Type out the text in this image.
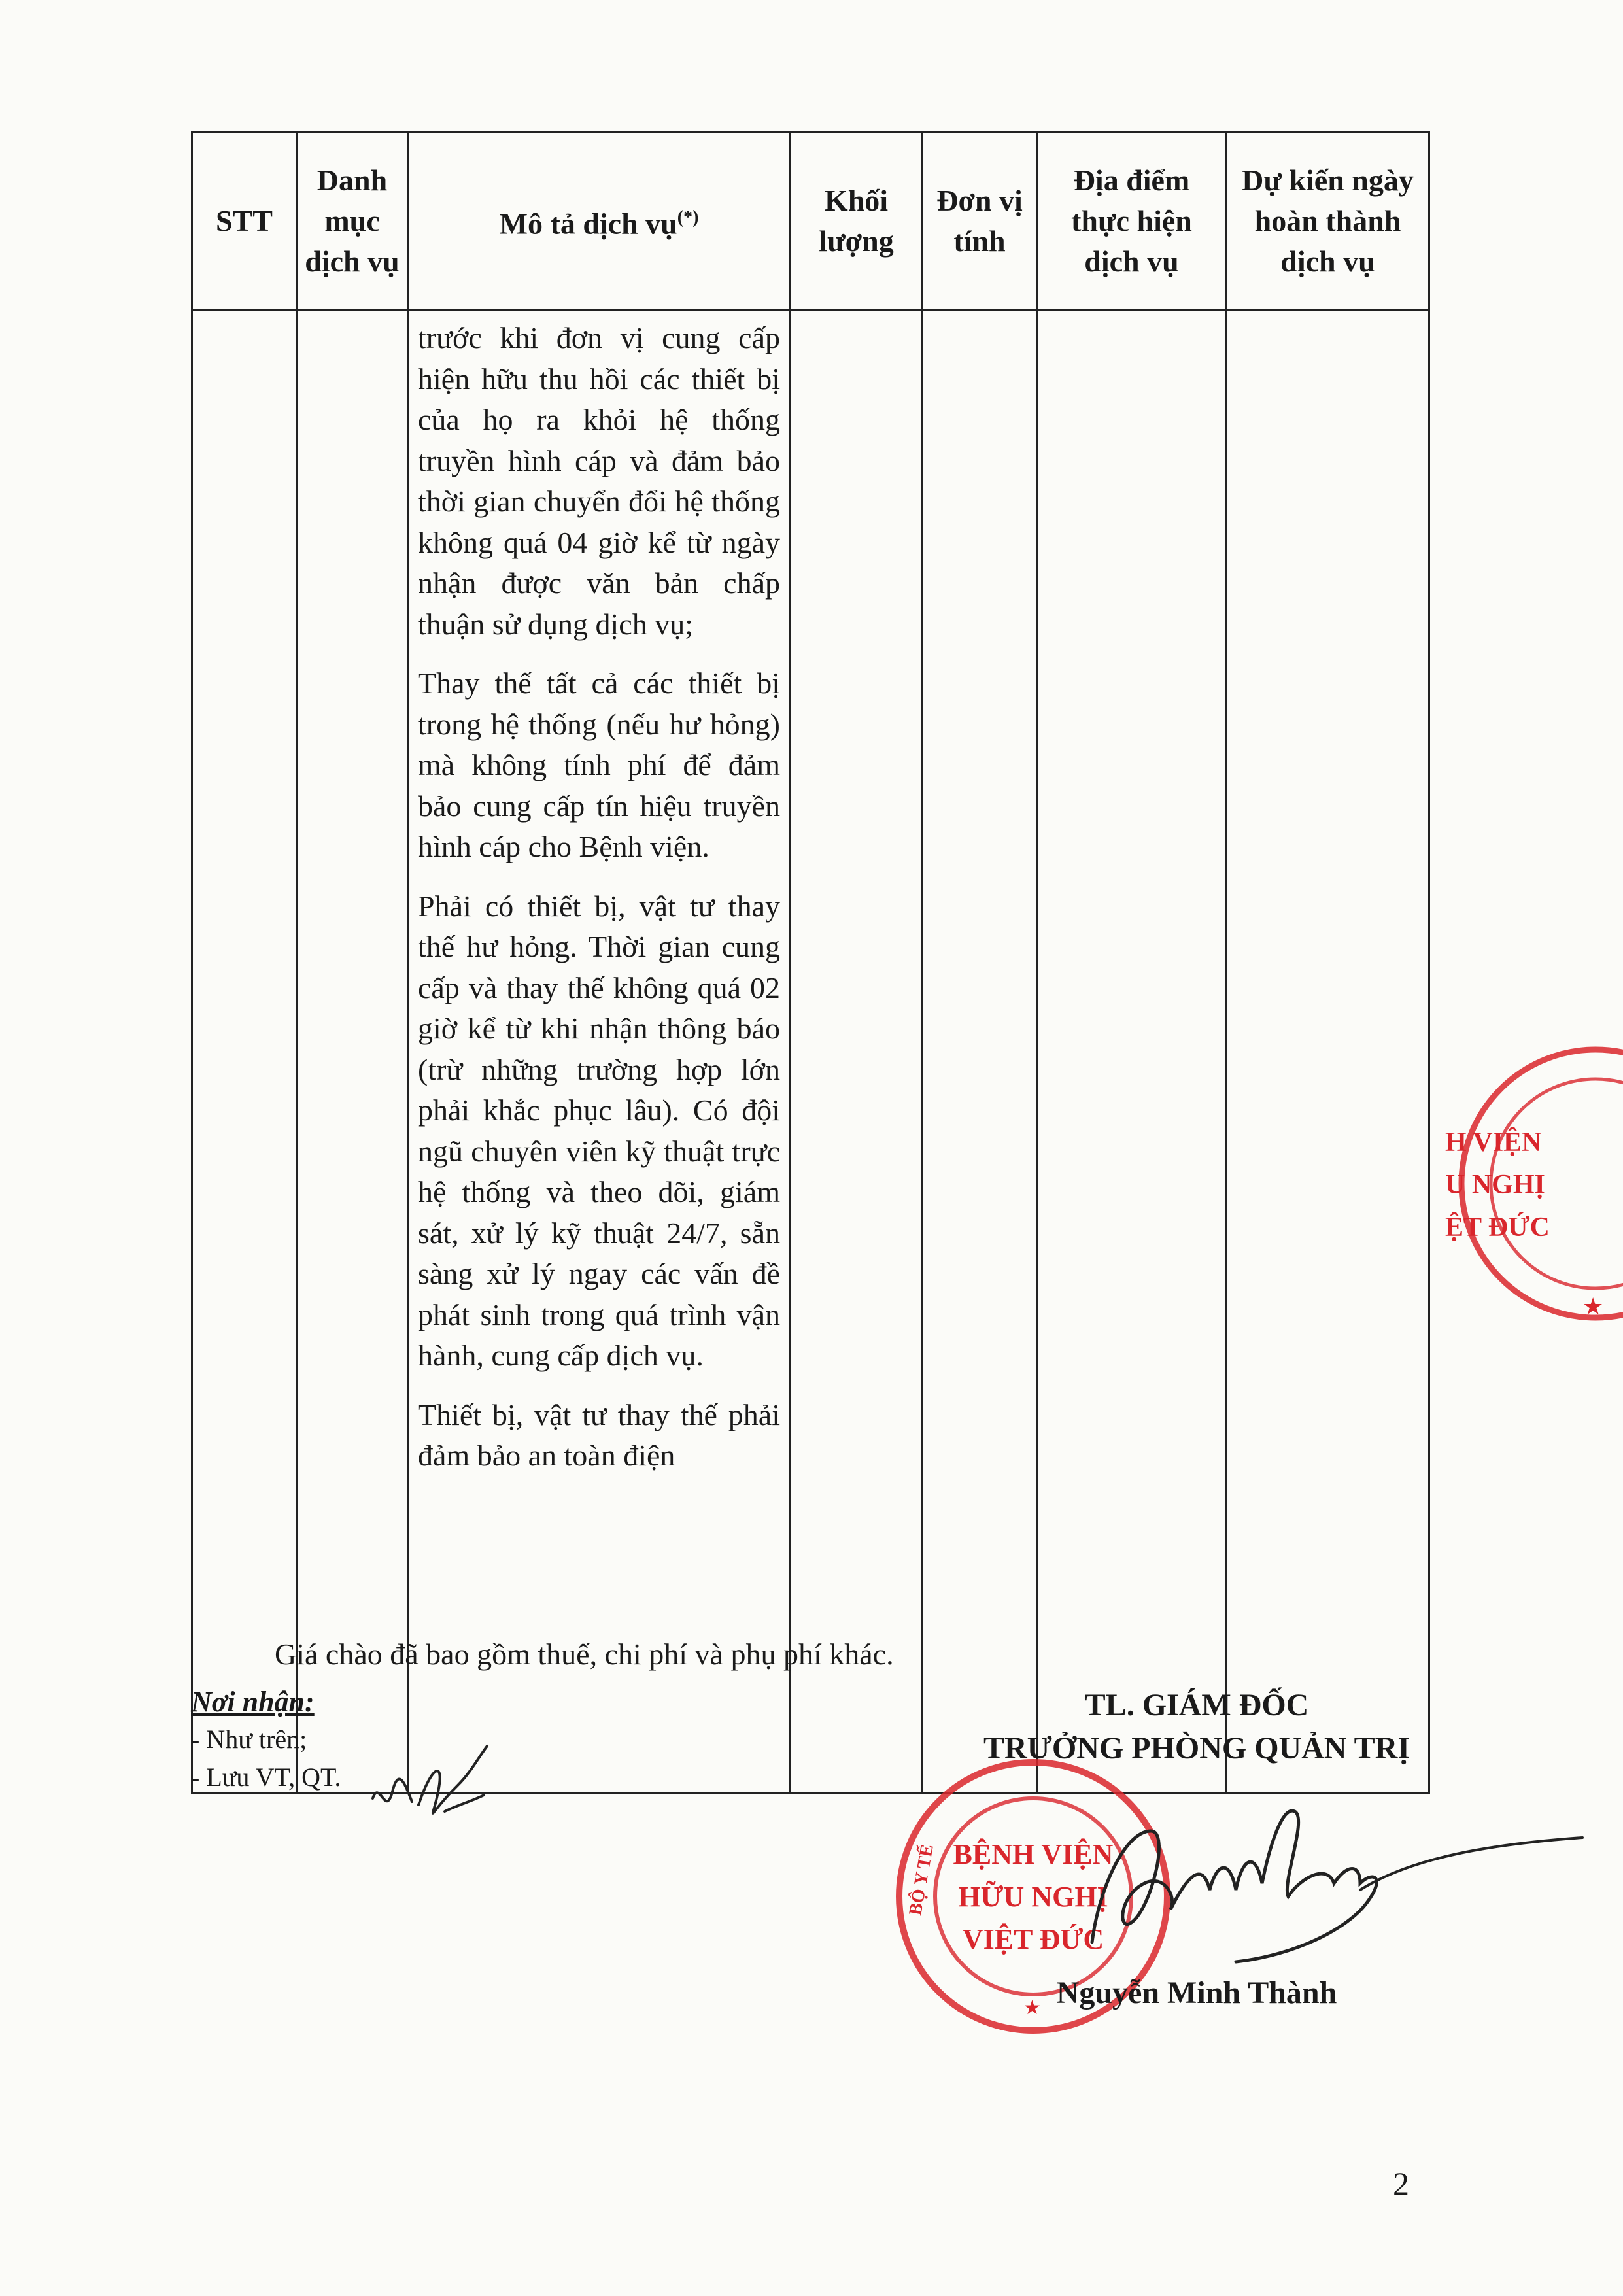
STT	Danh mục dịch vụ	Mô tả dịch vụ(*)	Khối lượng	Đơn vị tính	Địa điểm thực hiện dịch vụ	Dự kiến ngày hoàn thành dịch vụ

		trước khi đơn vị cung cấp hiện hữu thu hồi các thiết bị của họ ra khỏi hệ thống truyền hình cáp và đảm bảo thời gian chuyển đổi hệ thống không quá 04 giờ kể từ ngày nhận được văn bản chấp thuận sử dụng dịch vụ;

Thay thế tất cả các thiết bị trong hệ thống (nếu hư hỏng) mà không tính phí để đảm bảo cung cấp tín hiệu truyền hình cáp cho Bệnh viện.

Phải có thiết bị, vật tư thay thế hư hỏng. Thời gian cung cấp và thay thế không quá 02 giờ kể từ khi nhận thông báo (trừ những trường hợp lớn phải khắc phục lâu). Có đội ngũ chuyên viên kỹ thuật trực hệ thống và theo dõi, giám sát, xử lý kỹ thuật 24/7, sẵn sàng xử lý ngay các vấn đề phát sinh trong quá trình vận hành, cung cấp dịch vụ.

Thiết bị, vật tư thay thế phải đảm bảo an toàn điện				

H VIỆN
U NGHỊ
ỆT ĐỨC
★
Giá chào đã bao gồm thuế, chi phí và phụ phí khác.
Nơi nhận:
- Như trên;
- Lưu VT, QT.
TL. GIÁM ĐỐC
TRƯỞNG PHÒNG QUẢN TRỊ
BỆNH VIỆN
HỮU NGHỊ
VIỆT ĐỨC
BỘ Y TẾ
★ Nguyễn Minh Thành
2
